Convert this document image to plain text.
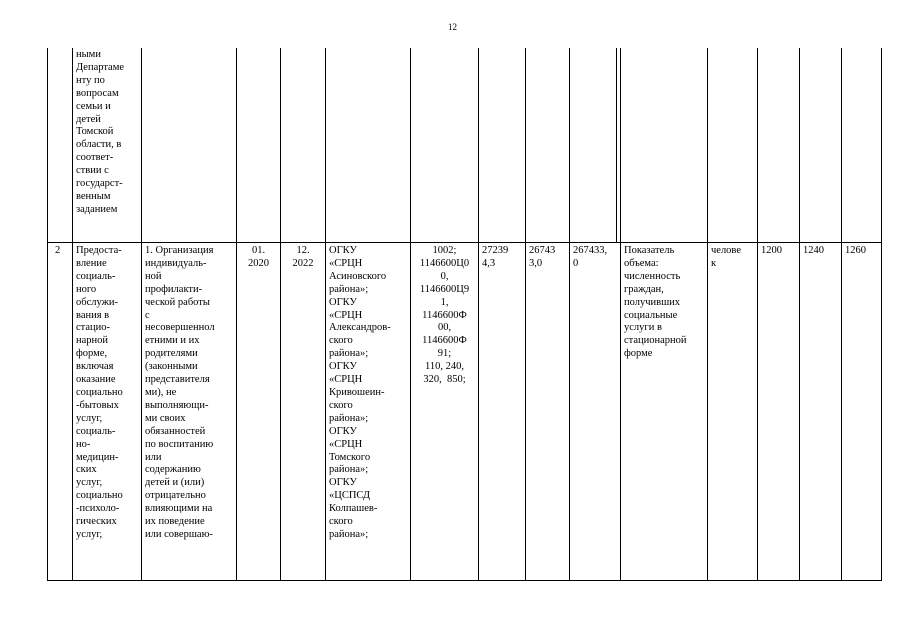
12
ными
Департаме
нту по
вопросам
семьи и
детей
Томской
области, в
соответ-
ствии с
государст-
венным
заданием
2 Предоста-
вление
социаль-
ного
обслужи-
вания в
стацио-
нарной
форме,
включая
оказание
социально
-бытовых
услуг,
социаль-
но-
медицин-
ских
услуг,
социально
-психоло-
гических
услуг,
1. Организация
индивидуаль-
ной
профилакти-
ческой работы
с
несовершеннол
етними и их
родителями
(законными
представителя
ми), не
выполняющи-
ми своих
обязанностей
по воспитанию
или
содержанию
детей и (или)
отрицательно
влияющими на
их поведение
или совершаю-
01.
2020
12.
2022
ОГКУ
«СРЦН
Асиновского
района»;
ОГКУ
«СРЦН
Александров-
ского
района»;
ОГКУ
«СРЦН
Кривошеин-
ского
района»;
ОГКУ
«СРЦН
Томского
района»;
ОГКУ
«ЦСПСД
Колпашев-
ского
района»;
1002;
1146600Ц0
0,
1146600Ц9
1,
1146600Ф
00,
1146600Ф
91;
110, 240,
320,  850;
27239
4,3
26743
3,0
267433,
0
Показатель
объема:
численность
граждан,
получивших
социальные
услуги в
стационарной
форме
челове
к
1200 1240 1260
